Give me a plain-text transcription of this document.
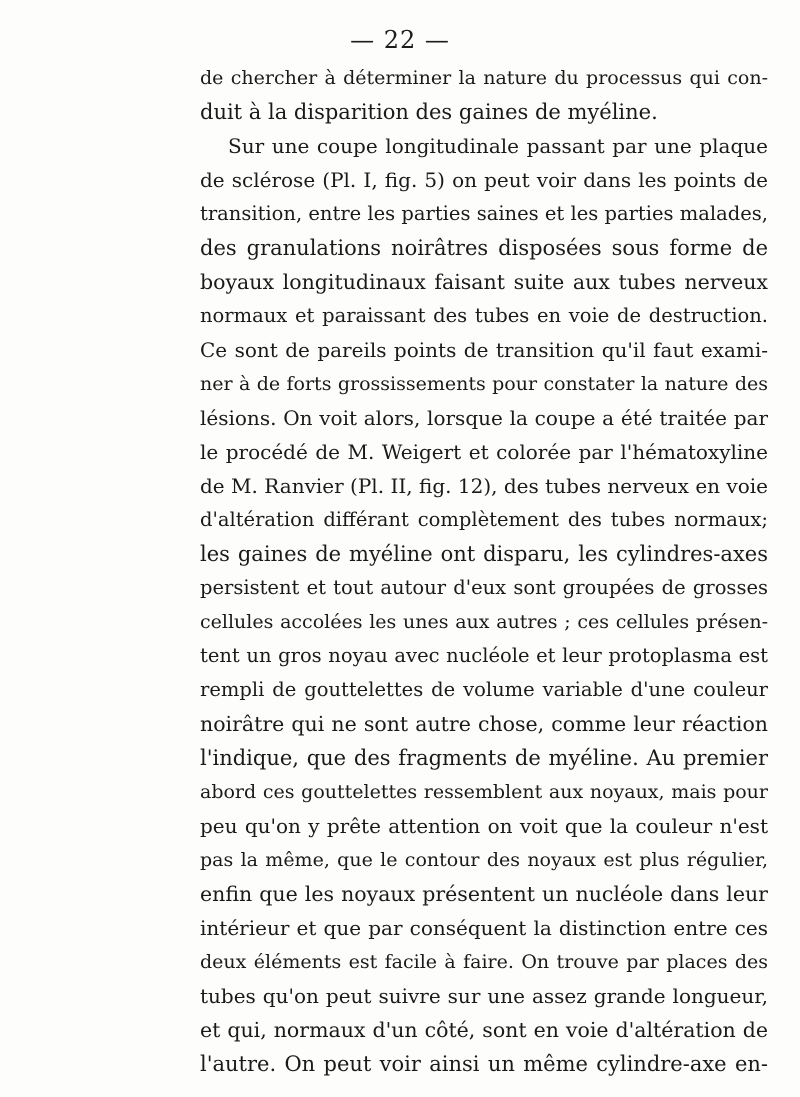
— 22 —
de chercher à déterminer la nature du processus qui con-
duit à la disparition des gaines de myéline.
Sur une coupe longitudinale passant par une plaque
de sclérose (Pl. I, fig. 5) on peut voir dans les points de
transition, entre les parties saines et les parties malades,
des granulations noirâtres disposées sous forme de
boyaux longitudinaux faisant suite aux tubes nerveux
normaux et paraissant des tubes en voie de destruction.
Ce sont de pareils points de transition qu'il faut exami-
ner à de forts grossissements pour constater la nature des
lésions. On voit alors, lorsque la coupe a été traitée par
le procédé de M. Weigert et colorée par l'hématoxyline
de M. Ranvier (Pl. II, fig. 12), des tubes nerveux en voie
d'altération différant complètement des tubes normaux;
les gaines de myéline ont disparu, les cylindres-axes
persistent et tout autour d'eux sont groupées de grosses
cellules accolées les unes aux autres ; ces cellules présen-
tent un gros noyau avec nucléole et leur protoplasma est
rempli de gouttelettes de volume variable d'une couleur
noirâtre qui ne sont autre chose, comme leur réaction
l'indique, que des fragments de myéline. Au premier
abord ces gouttelettes ressemblent aux noyaux, mais pour
peu qu'on y prête attention on voit que la couleur n'est
pas la même, que le contour des noyaux est plus régulier,
enfin que les noyaux présentent un nucléole dans leur
intérieur et que par conséquent la distinction entre ces
deux éléments est facile à faire. On trouve par places des
tubes qu'on peut suivre sur une assez grande longueur,
et qui, normaux d'un côté, sont en voie d'altération de
l'autre. On peut voir ainsi un même cylindre-axe en-
